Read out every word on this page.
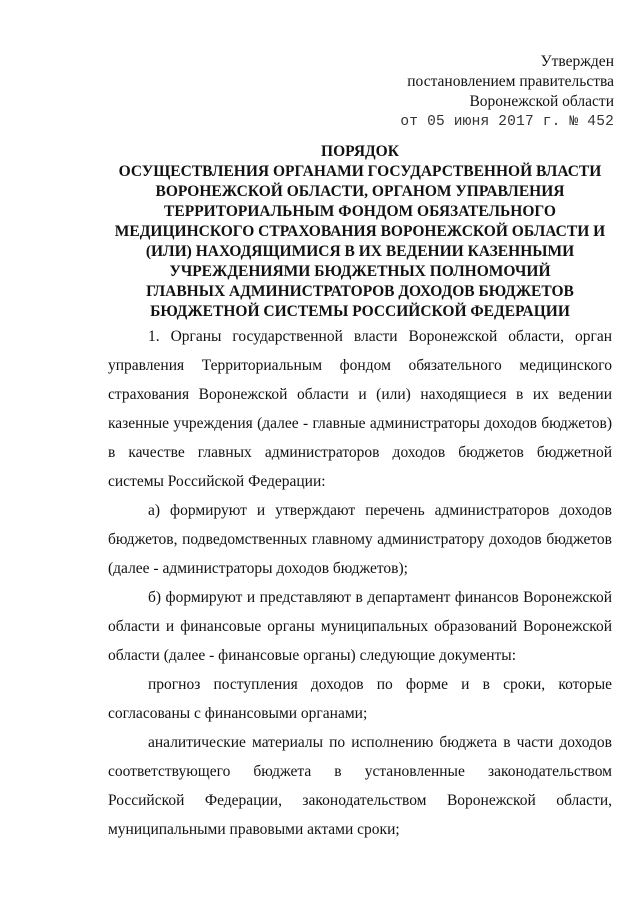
Утвержден
постановлением правительства
Воронежской области
от 05 июня 2017 г. № 452
ПОРЯДОК
ОСУЩЕСТВЛЕНИЯ ОРГАНАМИ ГОСУДАРСТВЕННОЙ ВЛАСТИ
ВОРОНЕЖСКОЙ ОБЛАСТИ, ОРГАНОМ УПРАВЛЕНИЯ
ТЕРРИТОРИАЛЬНЫМ ФОНДОМ ОБЯЗАТЕЛЬНОГО
МЕДИЦИНСКОГО СТРАХОВАНИЯ ВОРОНЕЖСКОЙ ОБЛАСТИ И
(ИЛИ) НАХОДЯЩИМИСЯ В ИХ ВЕДЕНИИ КАЗЕННЫМИ
УЧРЕЖДЕНИЯМИ БЮДЖЕТНЫХ ПОЛНОМОЧИЙ
ГЛАВНЫХ АДМИНИСТРАТОРОВ ДОХОДОВ БЮДЖЕТОВ
БЮДЖЕТНОЙ СИСТЕМЫ РОССИЙСКОЙ ФЕДЕРАЦИИ

1. Органы государственной власти Воронежской области, орган управления Территориальным фондом обязательного медицинского страхования Воронежской области и (или) находящиеся в их ведении казенные учреждения (далее - главные администраторы доходов бюджетов) в качестве главных администраторов доходов бюджетов бюджетной системы Российской Федерации:

а) формируют и утверждают перечень администраторов доходов бюджетов, подведомственных главному администратору доходов бюджетов (далее - администраторы доходов бюджетов);

б) формируют и представляют в департамент финансов Воронежской области и финансовые органы муниципальных образований Воронежской области (далее - финансовые органы) следующие документы:

прогноз поступления доходов по форме и в сроки, которые согласованы с финансовыми органами;

аналитические материалы по исполнению бюджета в части доходов соответствующего бюджета в установленные законодательством Российской Федерации, законодательством Воронежской области, муниципальными правовыми актами сроки;
